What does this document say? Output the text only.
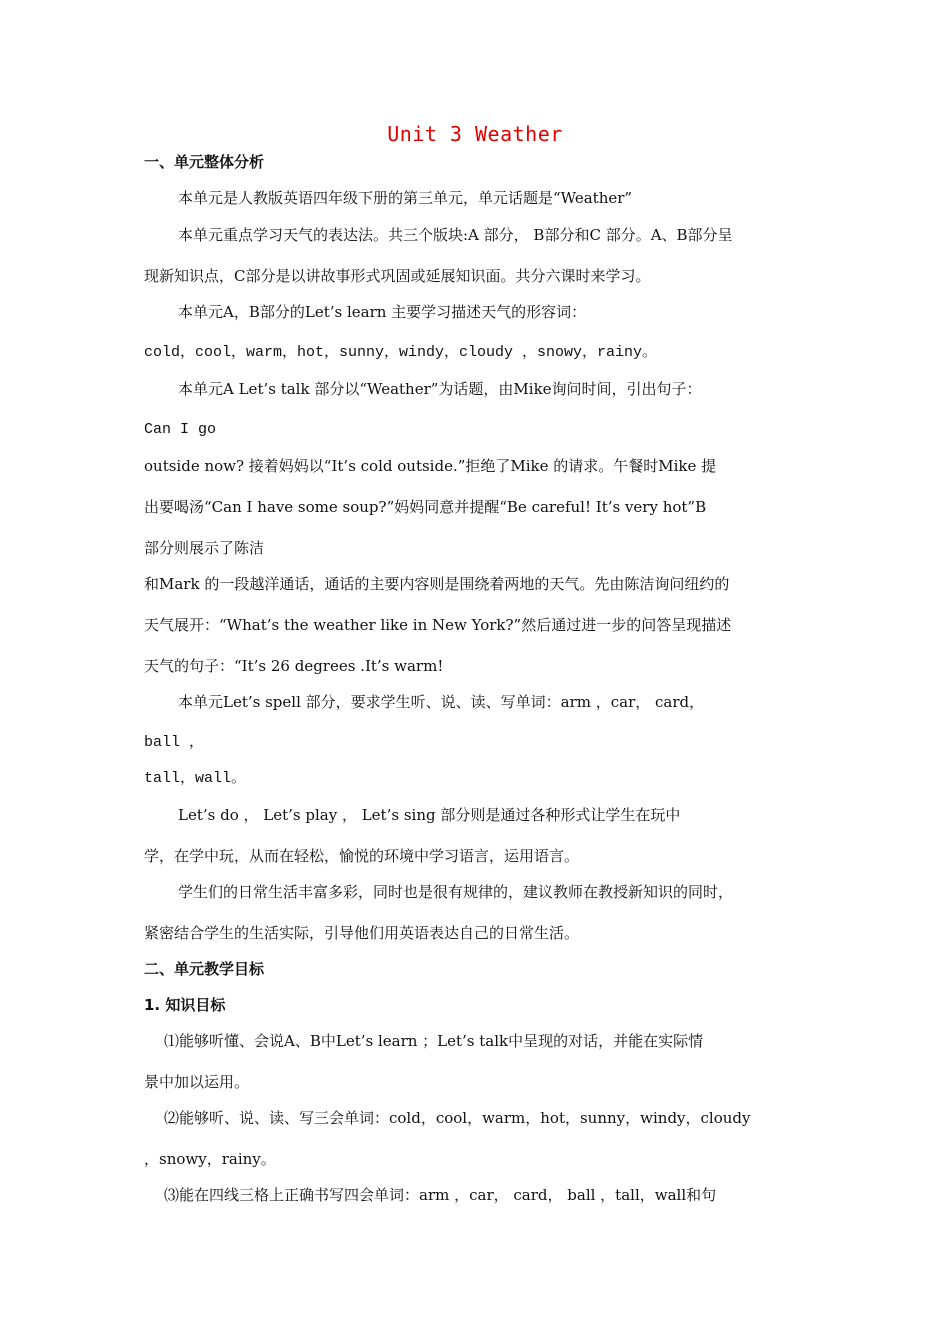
Unit 3 Weather
一、单元整体分析
本单元是人教版英语四年级下册的第三单元，单元话题是“Weather”
本单元重点学习天气的表达法。共三个版块:A 部分， B部分和C 部分。A、B部分呈
现新知识点，C部分是以讲故事形式巩固或延展知识面。共分六课时来学习。
本单元A，B部分的Let’s learn 主要学习描述天气的形容词：
cold，cool，warm，hot，sunny，windy，cloudy ，snowy，rainy。
本单元A Let’s talk 部分以“Weather”为话题，由Mike询问时间，引出句子：
Can I go
outside now? 接着妈妈以“It’s cold outside.”拒绝了Mike 的请求。午餐时Mike 提
出要喝汤“Can I have some soup?”妈妈同意并提醒“Be careful! It’s very hot”B
部分则展示了陈洁
和Mark 的一段越洋通话，通话的主要内容则是围绕着两地的天气。先由陈洁询问纽约的
天气展开：“What’s the weather like in New York?”然后通过进一步的问答呈现描述
天气的句子：“It’s 26 degrees .It’s warm!
本单元Let’s spell 部分，要求学生听、说、读、写单词：arm ，car， card，
ball ，
tall，wall。
Let’s do ， Let’s play ， Let’s sing 部分则是通过各种形式让学生在玩中
学，在学中玩，从而在轻松，愉悦的环境中学习语言，运用语言。
学生们的日常生活丰富多彩，同时也是很有规律的，建议教师在教授新知识的同时，
紧密结合学生的生活实际，引导他们用英语表达自己的日常生活。
二、单元教学目标
1. 知识目标
⑴能够听懂、会说A、B中Let’s learn ；Let’s talk中呈现的对话，并能在实际情
景中加以运用。
⑵能够听、说、读、写三会单词：cold，cool，warm，hot，sunny，windy，cloudy
，snowy，rainy。
⑶能在四线三格上正确书写四会单词：arm ，car， card， ball ，tall，wall和句
